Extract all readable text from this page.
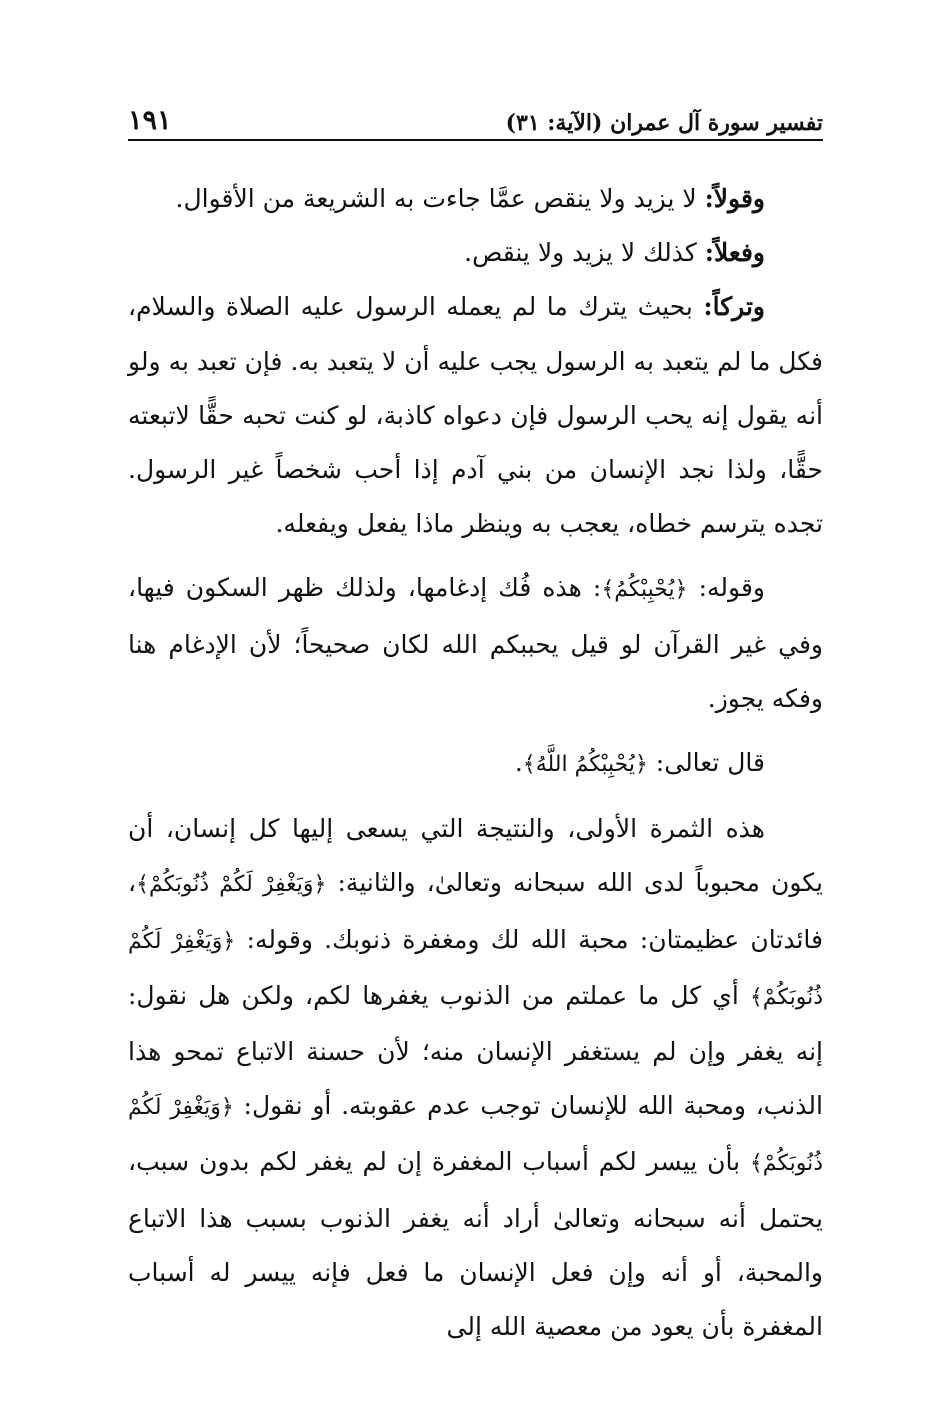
تفسير سورة آل عمران (الآية: ٣١)
١٩١

وقولاً: لا يزيد ولا ينقص عمَّا جاءت به الشريعة من الأقوال.

وفعلاً: كذلك لا يزيد ولا ينقص.

وتركاً: بحيث يترك ما لم يعمله الرسول عليه الصلاة والسلام، فكل ما لم يتعبد به الرسول يجب عليه أن لا يتعبد به. فإن تعبد به ولو أنه يقول إنه يحب الرسول فإن دعواه كاذبة، لو كنت تحبه حقًّا لاتبعته حقًّا، ولذا نجد الإنسان من بني آدم إذا أحب شخصاً غير الرسول. تجده يترسم خطاه، يعجب به وينظر ماذا يفعل ويفعله.

وقوله: ﴿يُحْبِبْكُمُ﴾: هذه فُك إدغامها، ولذلك ظهر السكون فيها، وفي غير القرآن لو قيل يحببكم الله لكان صحيحاً؛ لأن الإدغام هنا وفكه يجوز.

قال تعالى: ﴿يُحْبِبْكُمُ اللَّهُ﴾.

هذه الثمرة الأولى، والنتيجة التي يسعى إليها كل إنسان، أن يكون محبوباً لدى الله سبحانه وتعالىٰ، والثانية: ﴿وَيَغْفِرْ لَكُمْ ذُنُوبَكُمْ﴾، فائدتان عظيمتان: محبة الله لك ومغفرة ذنوبك. وقوله: ﴿وَيَغْفِرْ لَكُمْ ذُنُوبَكُمْ﴾ أي كل ما عملتم من الذنوب يغفرها لكم، ولكن هل نقول: إنه يغفر وإن لم يستغفر الإنسان منه؛ لأن حسنة الاتباع تمحو هذا الذنب، ومحبة الله للإنسان توجب عدم عقوبته. أو نقول: ﴿وَيَغْفِرْ لَكُمْ ذُنُوبَكُمْ﴾ بأن ييسر لكم أسباب المغفرة إن لم يغفر لكم بدون سبب، يحتمل أنه سبحانه وتعالىٰ أراد أنه يغفر الذنوب بسبب هذا الاتباع والمحبة، أو أنه وإن فعل الإنسان ما فعل فإنه ييسر له أسباب المغفرة بأن يعود من معصية الله إلى
